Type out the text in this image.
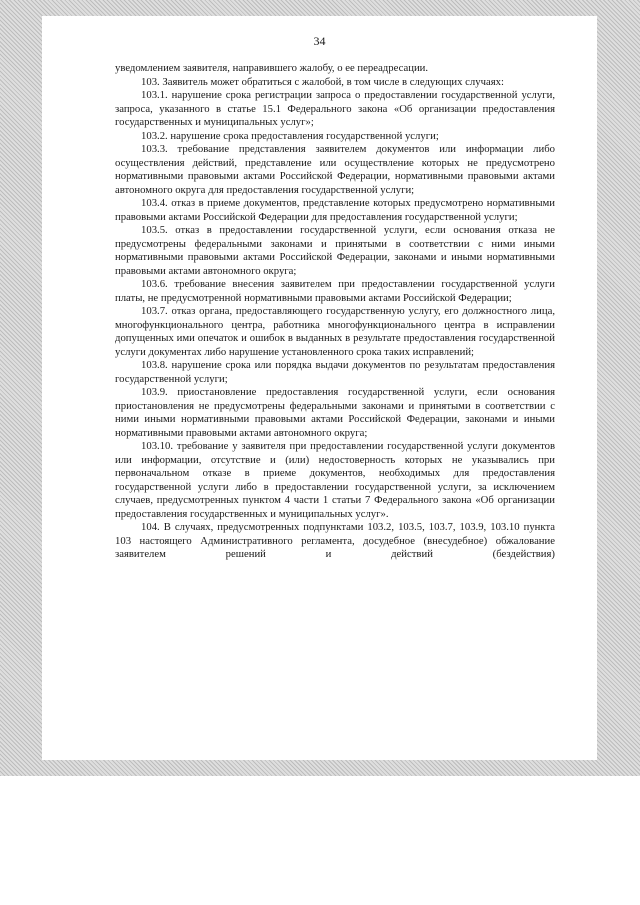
34

уведомлением заявителя, направившего жалобу, о ее переадресации.

103. Заявитель может обратиться с жалобой, в том числе в следующих случаях:

103.1. нарушение срока регистрации запроса о предоставлении государственной услуги, запроса, указанного в статье 15.1 Федерального закона «Об организации предоставления государственных и муниципальных услуг»;

103.2. нарушение срока предоставления государственной услуги;

103.3. требование представления заявителем документов или информации либо осуществления действий, представление или осуществление которых не предусмотрено нормативными правовыми актами Российской Федерации, нормативными правовыми актами автономного округа для предоставления государственной услуги;

103.4. отказ в приеме документов, представление которых предусмотрено нормативными правовыми актами Российской Федерации для предоставления государственной услуги;

103.5. отказ в предоставлении государственной услуги, если основания отказа не предусмотрены федеральными законами и принятыми в соответствии с ними иными нормативными правовыми актами Российской Федерации, законами и иными нормативными правовыми актами автономного округа;

103.6. требование внесения заявителем при предоставлении государственной услуги платы, не предусмотренной нормативными правовыми актами Российской Федерации;

103.7. отказ органа, предоставляющего государственную услугу, его должностного лица, многофункционального центра, работника многофункционального центра в исправлении допущенных ими опечаток и ошибок в выданных в результате предоставления государственной услуги документах либо нарушение установленного срока таких исправлений;

103.8. нарушение срока или порядка выдачи документов по результатам предоставления государственной услуги;

103.9. приостановление предоставления государственной услуги, если основания приостановления не предусмотрены федеральными законами и принятыми в соответствии с ними иными нормативными правовыми актами Российской Федерации, законами и иными нормативными правовыми актами автономного округа;

103.10. требование у заявителя при предоставлении государственной услуги документов или информации, отсутствие и (или) недостоверность которых не указывались при первоначальном отказе в приеме документов, необходимых для предоставления государственной услуги либо в предоставлении государственной услуги, за исключением случаев, предусмотренных пунктом 4 части 1 статьи 7 Федерального закона «Об организации предоставления государственных и муниципальных услуг».

104. В случаях, предусмотренных подпунктами 103.2, 103.5, 103.7, 103.9, 103.10 пункта 103 настоящего Административного регламента, досудебное (внесудебное) обжалование заявителем решений и действий (бездействия)
